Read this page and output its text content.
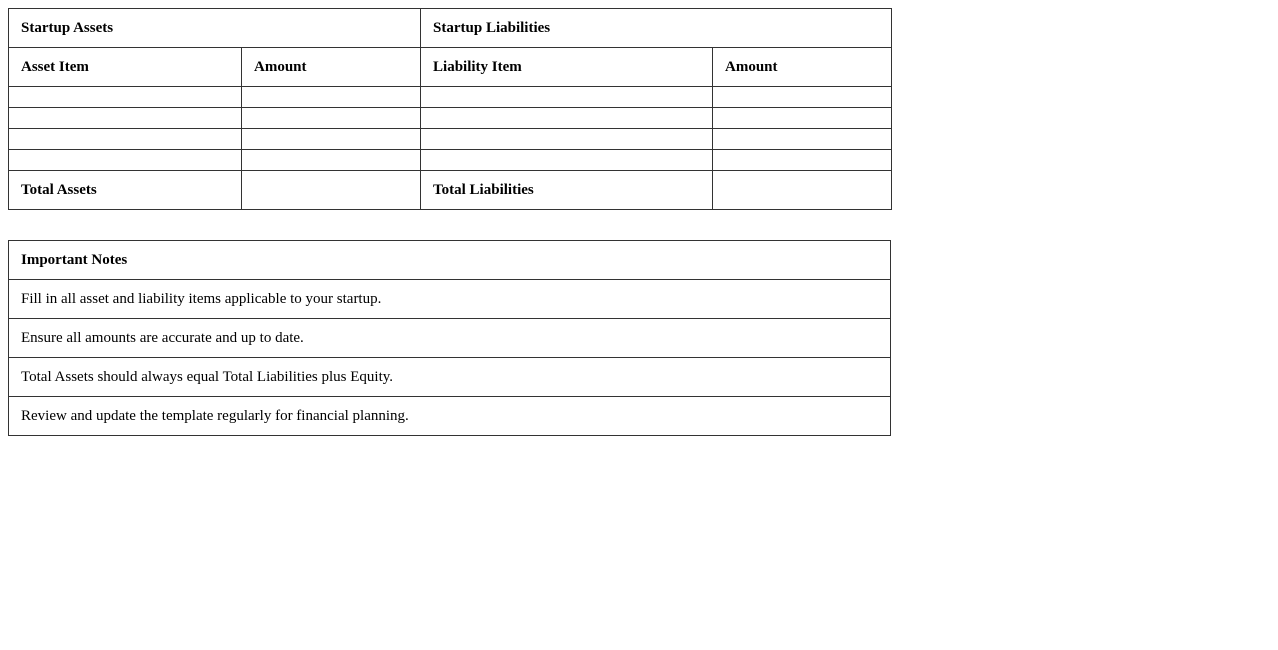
Startup Assets		Startup Liabilities	
Asset Item	Amount	Liability Item	Amount

Total Assets		Total Liabilities	
Important Notes
Fill in all asset and liability items applicable to your startup.
Ensure all amounts are accurate and up to date.
Total Assets should always equal Total Liabilities plus Equity.
Review and update the template regularly for financial planning.
